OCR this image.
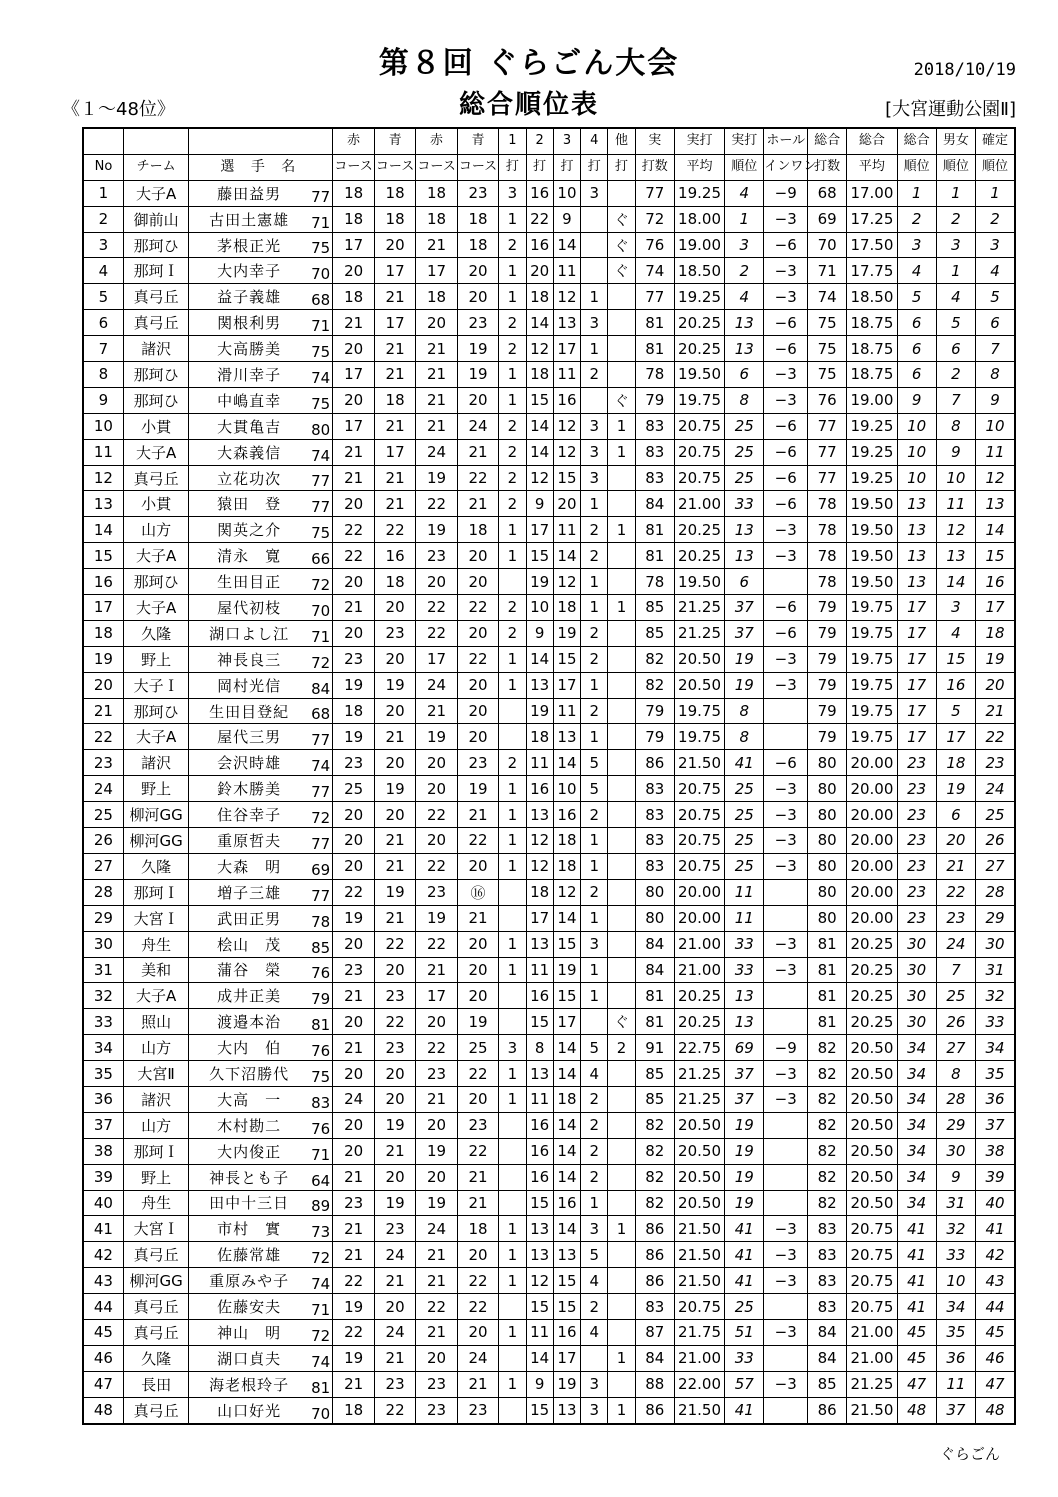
第８回 ぐらごん大会	2018/10/19
総合順位表
《１～48位》	[大宮運動公園Ⅱ]
				赤	青	赤	青	1	2	3	4	他	実	実打	実打	ホール	総合	総合	総合	男女	確定
No	チーム	選 手 名		コース	コース	コース	コース	打	打	打	打	打	打数	平均	順位	インワン	打数	平均	順位	順位	順位
1	大子A	藤田益男	77	18	18	18	23	3	16	10	3		77	19.25	4	−9	68	17.00	1	1	1
2	御前山	古田土憲雄	71	18	18	18	18	1	22	9		ぐ	72	18.00	1	−3	69	17.25	2	2	2
3	那珂ひ	茅根正光	75	17	20	21	18	2	16	14		ぐ	76	19.00	3	−6	70	17.50	3	3	3
4	那珂Ｉ	大内幸子	70	20	17	17	20	1	20	11		ぐ	74	18.50	2	−3	71	17.75	4	1	4
5	真弓丘	益子義雄	68	18	21	18	20	1	18	12	1		77	19.25	4	−3	74	18.50	5	4	5
6	真弓丘	関根利男	71	21	17	20	23	2	14	13	3		81	20.25	13	−6	75	18.75	6	5	6
7	諸沢	大高勝美	75	20	21	21	19	2	12	17	1		81	20.25	13	−6	75	18.75	6	6	7
8	那珂ひ	滑川幸子	74	17	21	21	19	1	18	11	2		78	19.50	6	−3	75	18.75	6	2	8
9	那珂ひ	中嶋直幸	75	20	18	21	20	1	15	16		ぐ	79	19.75	8	−3	76	19.00	9	7	9
10	小貫	大貫亀吉	80	17	21	21	24	2	14	12	3	1	83	20.75	25	−6	77	19.25	10	8	10
11	大子A	大森義信	74	21	17	24	21	2	14	12	3	1	83	20.75	25	−6	77	19.25	10	9	11
12	真弓丘	立花功次	77	21	21	19	22	2	12	15	3		83	20.75	25	−6	77	19.25	10	10	12
13	小貫	猿田　登	77	20	21	22	21	2	9	20	1		84	21.00	33	−6	78	19.50	13	11	13
14	山方	関英之介	75	22	22	19	18	1	17	11	2	1	81	20.25	13	−3	78	19.50	13	12	14
15	大子A	清永　寛	66	22	16	23	20	1	15	14	2		81	20.25	13	−3	78	19.50	13	13	15
16	那珂ひ	生田目正	72	20	18	20	20		19	12	1		78	19.50	6		78	19.50	13	14	16
17	大子A	屋代初枝	70	21	20	22	22	2	10	18	1	1	85	21.25	37	−6	79	19.75	17	3	17
18	久隆	湖口よし江	71	20	23	22	20	2	9	19	2		85	21.25	37	−6	79	19.75	17	4	18
19	野上	神長良三	72	23	20	17	22	1	14	15	2		82	20.50	19	−3	79	19.75	17	15	19
20	大子Ｉ	岡村光信	84	19	19	24	20	1	13	17	1		82	20.50	19	−3	79	19.75	17	16	20
21	那珂ひ	生田目登紀	68	18	20	21	20		19	11	2		79	19.75	8		79	19.75	17	5	21
22	大子A	屋代三男	77	19	21	19	20		18	13	1		79	19.75	8		79	19.75	17	17	22
23	諸沢	会沢時雄	74	23	20	20	23	2	11	14	5		86	21.50	41	−6	80	20.00	23	18	23
24	野上	鈴木勝美	77	25	19	20	19	1	16	10	5		83	20.75	25	−3	80	20.00	23	19	24
25	柳河GG	住谷幸子	72	20	20	22	21	1	13	16	2		83	20.75	25	−3	80	20.00	23	6	25
26	柳河GG	重原哲夫	77	20	21	20	22	1	12	18	1		83	20.75	25	−3	80	20.00	23	20	26
27	久隆	大森　明	69	20	21	22	20	1	12	18	1		83	20.75	25	−3	80	20.00	23	21	27
28	那珂Ｉ	増子三雄	77	22	19	23	⑯		18	12	2		80	20.00	11		80	20.00	23	22	28
29	大宮Ｉ	武田正男	78	19	21	19	21		17	14	1		80	20.00	11		80	20.00	23	23	29
30	舟生	桧山　茂	85	20	22	22	20	1	13	15	3		84	21.00	33	−3	81	20.25	30	24	30
31	美和	蒲谷　榮	76	23	20	21	20	1	11	19	1		84	21.00	33	−3	81	20.25	30	7	31
32	大子A	成井正美	79	21	23	17	20		16	15	1		81	20.25	13		81	20.25	30	25	32
33	照山	渡邉本治	81	20	22	20	19		15	17		ぐ	81	20.25	13		81	20.25	30	26	33
34	山方	大内　伯	76	21	23	22	25	3	8	14	5	2	91	22.75	69	−9	82	20.50	34	27	34
35	大宮Ⅱ	久下沼勝代	75	20	20	23	22	1	13	14	4		85	21.25	37	−3	82	20.50	34	8	35
36	諸沢	大高　一	83	24	20	21	20	1	11	18	2		85	21.25	37	−3	82	20.50	34	28	36
37	山方	木村勘二	76	20	19	20	23		16	14	2		82	20.50	19		82	20.50	34	29	37
38	那珂Ｉ	大内俊正	71	20	21	19	22		16	14	2		82	20.50	19		82	20.50	34	30	38
39	野上	神長とも子	64	21	20	20	21		16	14	2		82	20.50	19		82	20.50	34	9	39
40	舟生	田中十三日	89	23	19	19	21		15	16	1		82	20.50	19		82	20.50	34	31	40
41	大宮Ｉ	市村　實	73	21	23	24	18	1	13	14	3	1	86	21.50	41	−3	83	20.75	41	32	41
42	真弓丘	佐藤常雄	72	21	24	21	20	1	13	13	5		86	21.50	41	−3	83	20.75	41	33	42
43	柳河GG	重原みや子	74	22	21	21	22	1	12	15	4		86	21.50	41	−3	83	20.75	41	10	43
44	真弓丘	佐藤安夫	71	19	20	22	22		15	15	2		83	20.75	25		83	20.75	41	34	44
45	真弓丘	神山　明	72	22	24	21	20	1	11	16	4		87	21.75	51	−3	84	21.00	45	35	45
46	久隆	湖口貞夫	74	19	21	20	24		14	17		1	84	21.00	33		84	21.00	45	36	46
47	長田	海老根玲子	81	21	23	23	21	1	9	19	3		88	22.00	57	−3	85	21.25	47	11	47
48	真弓丘	山口好光	70	18	22	23	23		15	13	3	1	86	21.50	41		86	21.50	48	37	48
ぐらごん
